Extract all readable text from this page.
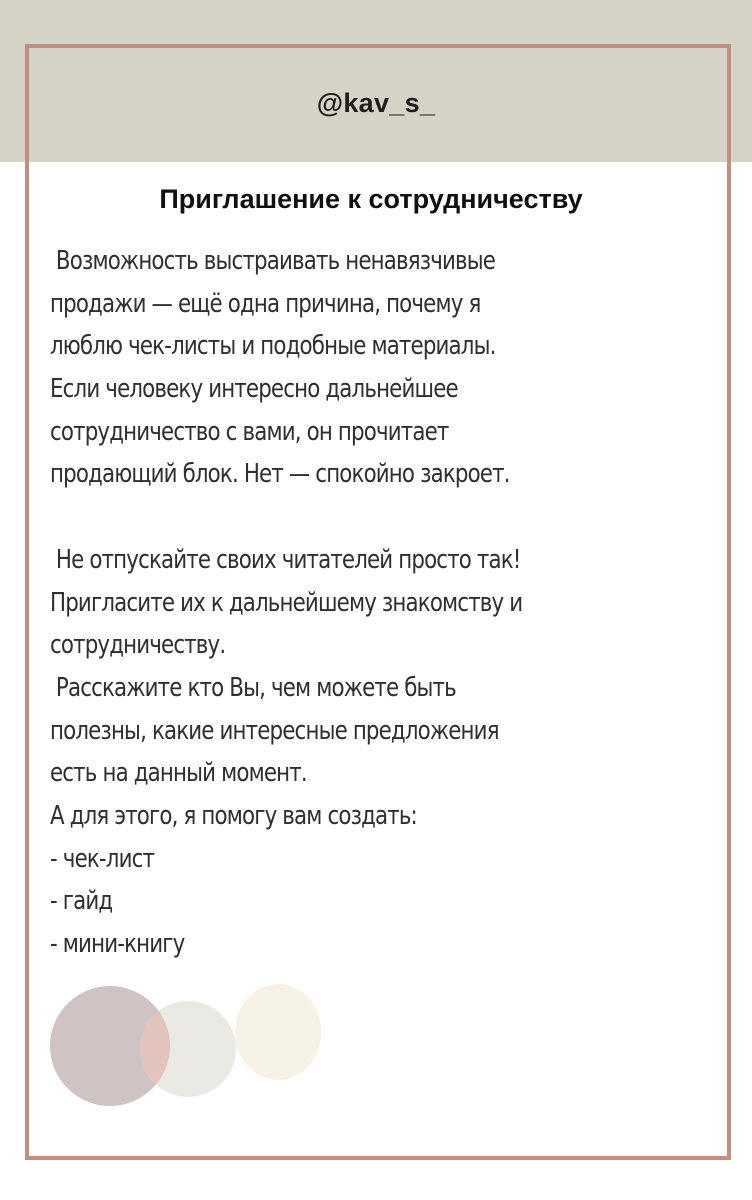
@kav_s_
Приглашение к сотрудничеству
Возможность выстраивать ненавязчивые
продажи — ещё одна причина, почему я
люблю чек-листы и подобные материалы.
Если человеку интересно дальнейшее
сотрудничество с вами, он прочитает
продающий блок. Нет — спокойно закроет.
Не отпускайте своих читателей просто так!
Пригласите их к дальнейшему знакомству и
сотрудничеству.
Расскажите кто Вы, чем можете быть
полезны, какие интересные предложения
есть на данный момент.
А для этого, я помогу вам создать:
- чек-лист
- гайд
- мини-книгу
